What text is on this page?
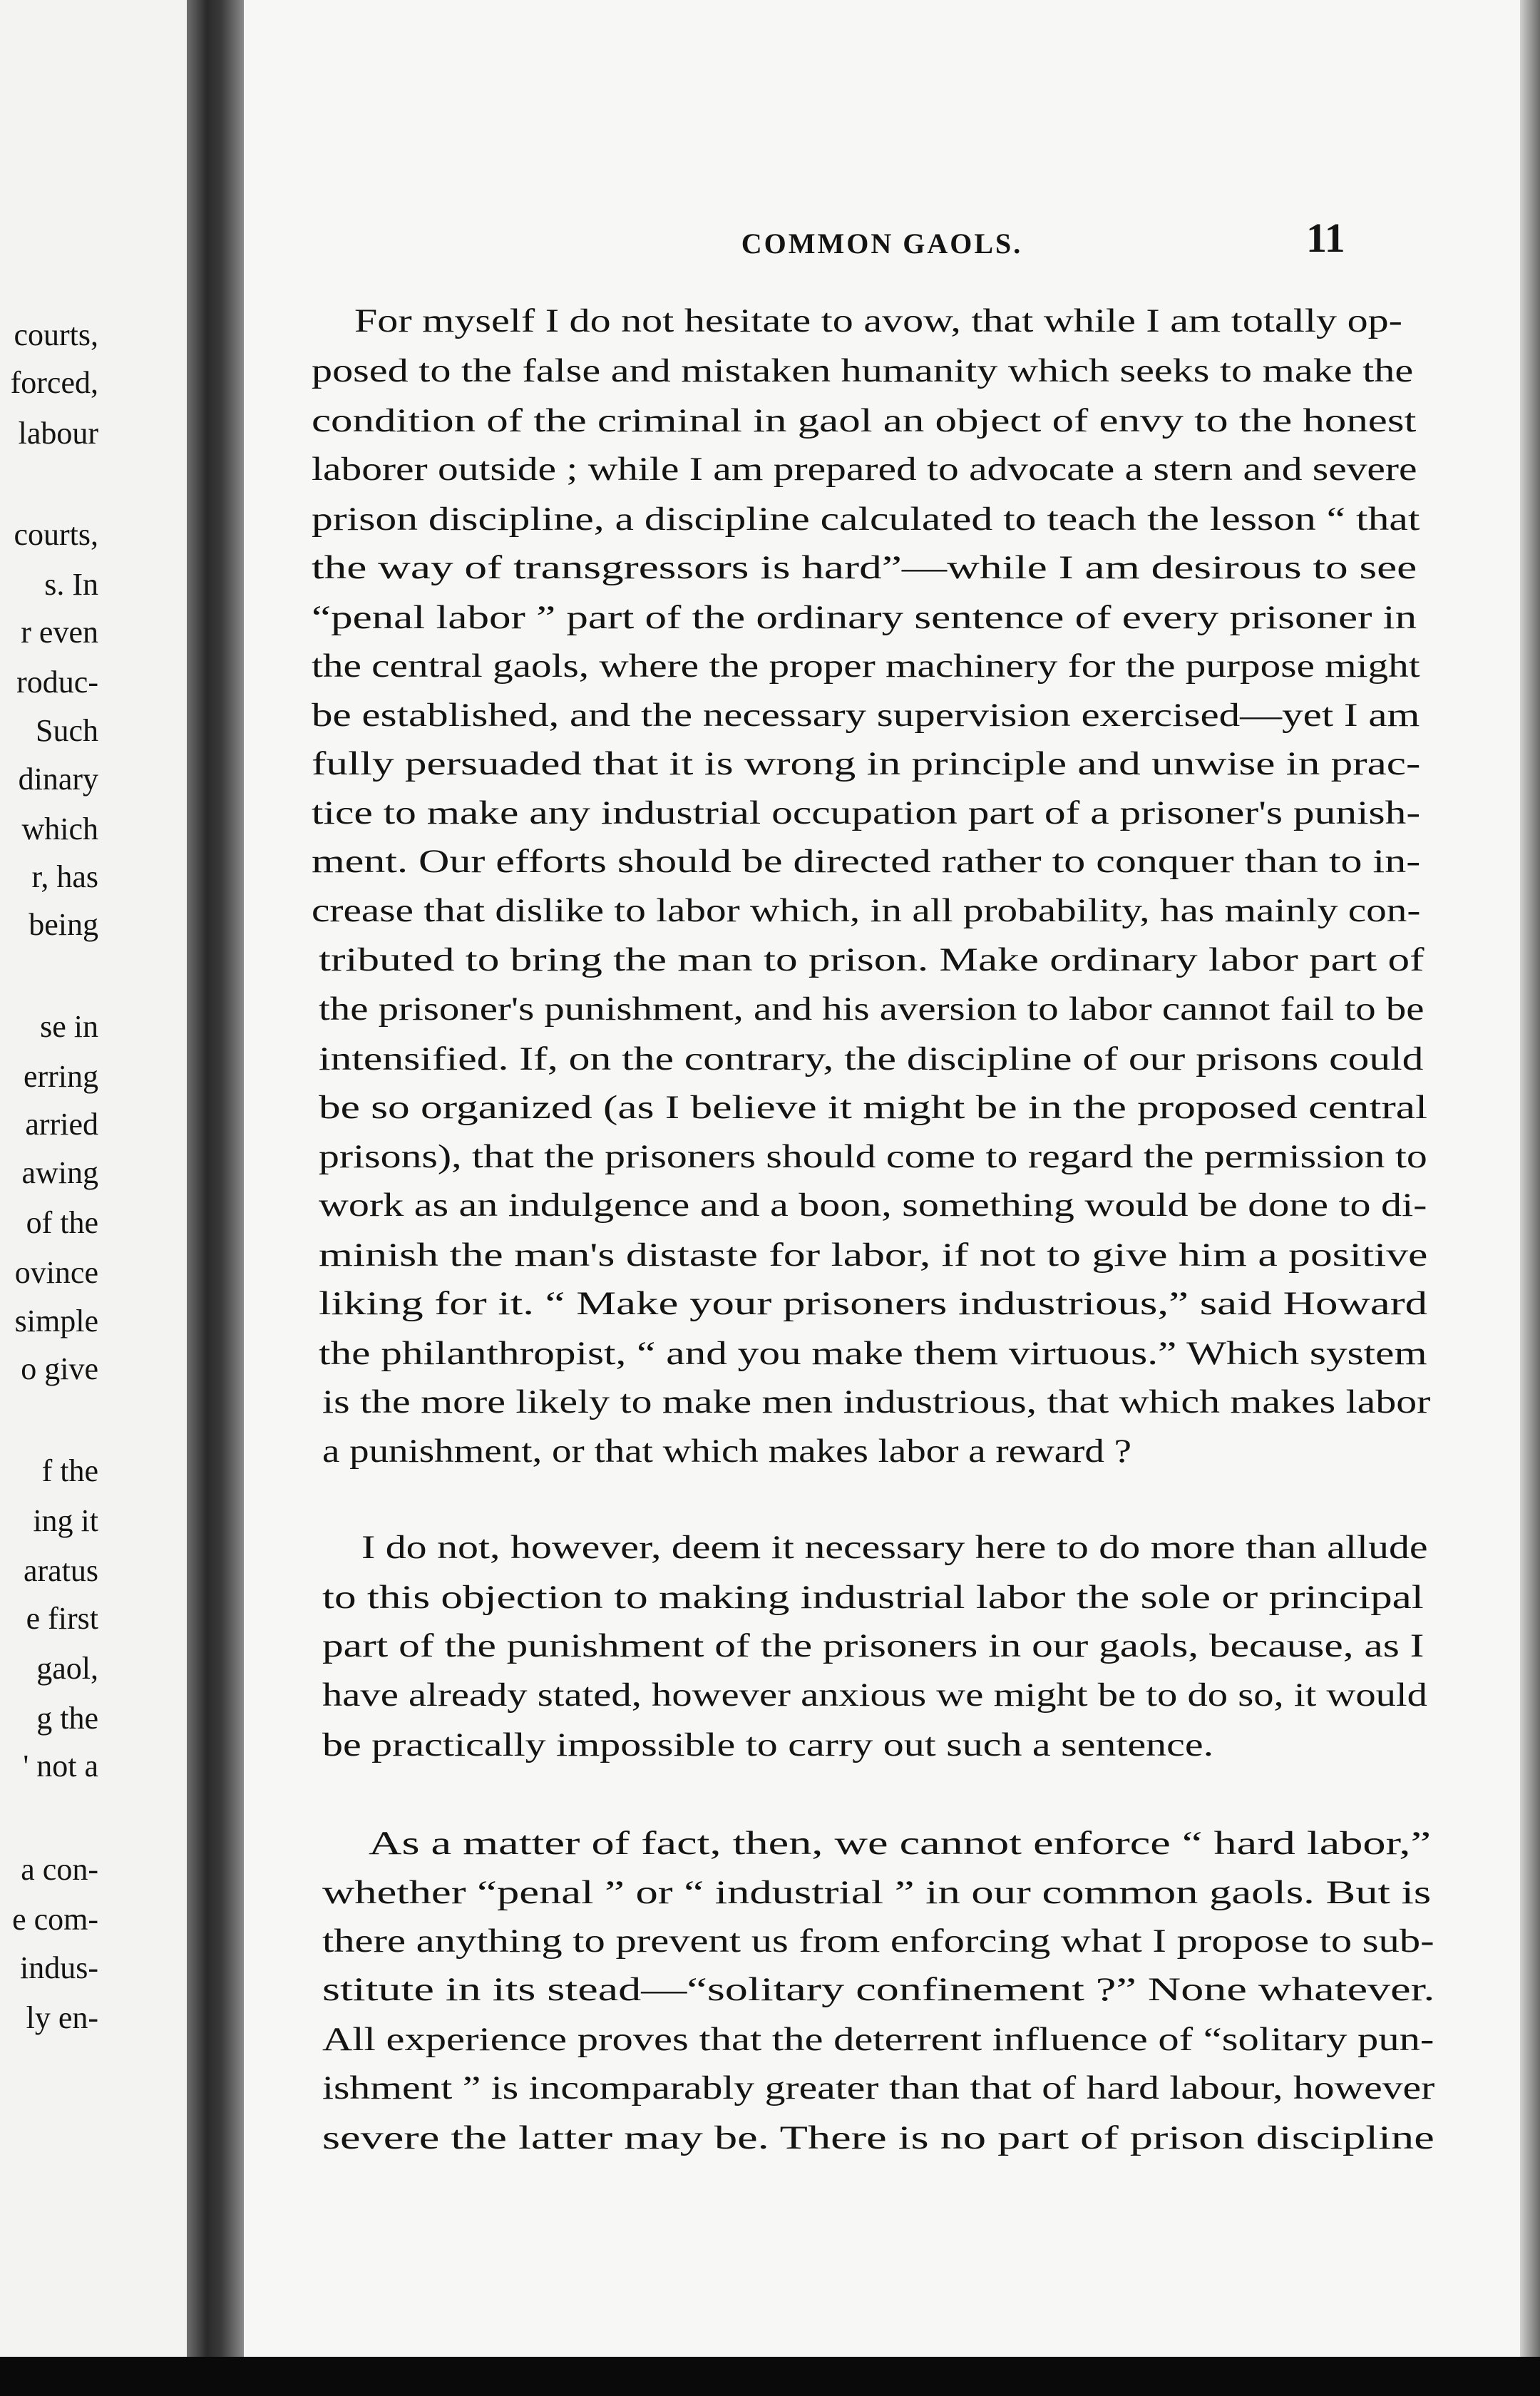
courts,
forced,
labour
courts,
s. In
r even
roduc-
Such
dinary
which
r, has
being
se in
erring
arried
awing
of the
ovince
simple
o give
f the
ing it
aratus
e first
gaol,
g the
' not a
a con-
e com-
indus-
ly en-
COMMON GAOLS.	11
For myself I do not hesitate to avow, that while I am totally op-
posed to the false and mistaken humanity which seeks to make the
condition of the criminal in gaol an object of envy to the honest
laborer outside ; while I am prepared to advocate a stern and severe
prison discipline, a discipline calculated to teach the lesson “ that
the way of transgressors is hard”—while I am desirous to see
“penal labor ” part of the ordinary sentence of every prisoner in
the central gaols, where the proper machinery for the purpose might
be established, and the necessary supervision exercised—yet I am
fully persuaded that it is wrong in principle and unwise in prac-
tice to make any industrial occupation part of a prisoner's punish-
ment. Our efforts should be directed rather to conquer than to in-
crease that dislike to labor which, in all probability, has mainly con-
tributed to bring the man to prison. Make ordinary labor part of
the prisoner's punishment, and his aversion to labor cannot fail to be
intensified. If, on the contrary, the discipline of our prisons could
be so organized (as I believe it might be in the proposed central
prisons), that the prisoners should come to regard the permission to
work as an indulgence and a boon, something would be done to di-
minish the man's distaste for labor, if not to give him a positive
liking for it. “ Make your prisoners industrious,” said Howard
the philanthropist, “ and you make them virtuous.” Which system
is the more likely to make men industrious, that which makes labor
a punishment, or that which makes labor a reward ?
I do not, however, deem it necessary here to do more than allude
to this objection to making industrial labor the sole or principal
part of the punishment of the prisoners in our gaols, because, as I
have already stated, however anxious we might be to do so, it would
be practically impossible to carry out such a sentence.
As a matter of fact, then, we cannot enforce “ hard labor,”
whether “penal ” or “ industrial ” in our common gaols. But is
there anything to prevent us from enforcing what I propose to sub-
stitute in its stead—“solitary confinement ?” None whatever.
All experience proves that the deterrent influence of “solitary pun-
ishment ” is incomparably greater than that of hard labour, however
severe the latter may be. There is no part of prison discipline
